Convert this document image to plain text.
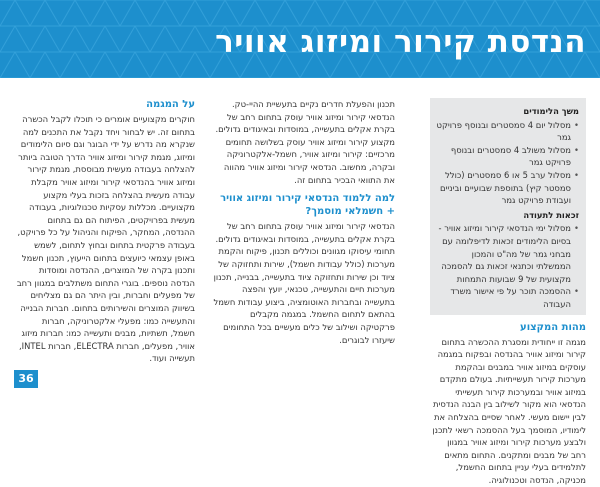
הנדסת קירור ומיזוג אוויר
משך הלימודים
• מסלול יום 4 סמסטרים ובנוסף פרויקט גמר
• מסלול משולב 4 סמסטרים ובנוסף פרויקט גמר
• מסלול ערב 5 או 6 סמסטרים (כולל סמסטר קיץ) בתוספת שבועיים וביניים ועבודת פרויקט גמר
זכאות לתעודה
• מסלול ימי הנדסאי קירור ומיזוג אוויר - בסיום הלימודים זכאות לדיפלומה עם מבחני גמר של מה"ט והמכון הממשלתי וכתנאי זכאות גם להסמכה מקצועית של 9 שבועות התמחות
• ההסמכה תוכר על פי אישור משרד העבודה
מהות המקצוע

מגמה זו ייחודית ומסגרת ההכשרה בתחום קירור ומיזוג אוויר בהנדסה ובפקוח במגמה עוסקים במיזוג אוויר במבנים ובהקמת מערכות קירור תעשייתיות. בעולם מתקדם במיזוג אוויר ובמערכות קירור תעשייתי הנדסאי הוא מקור לשילוב בין הבנה הנדסית לבין יישום מעשי. לאחר שסיים בהצלחה את לימודיו, המוסמך בעל ההסמכה רשאי לתכנן ולבצע מערכות קירור ומיזוג אוויר במגוון רחב של מבנים ומתקנים. התחום מתאים לתלמידים בעלי עניין בתחום החשמל, מכניקה, הנדסה וטכנולוגיה.

תכנון והפעלת חדרים נקיים בתעשיית ההיי-טק. הנדסאי קירור ומיזוג אוויר עוסק בתחום רחב של בקרת אקלים בתעשייה, במוסדות ובאיגודים גדולים. מקצוע קירור ומיזוג אוויר עוסק בשלושה תחומים מרכזיים: קירור ומיזוג אוויר, חשמל-אלקטרוניקה ובקרה, מחשוב. הנדסאי קירור ומיזוג אוויר מהווה את התוואי הבכיר בתחום זה.

למה ללמוד הנדסאי קירור ומיזוג אוויר + חשמלאי מוסמך?

הנדסאי קירור ומיזוג אוויר עוסק בתחום רחב של בקרת אקלים בתעשייה, במוסדות ובאיגודים גדולים. תחומי עיסוקו מגוונים וכוללים תכנון, פיקוח והקמת מערכות (כולל עבודות חשמל), שירות ותחזוקה של ציוד וכן שירות ותחזוקה ציוד בתעשייה, בבנייה, תכנון מערכות חיים והתעשייה, טכנאי, יועץ והפצה בתעשייה ובחברות האוטומציה, ביצוע עבודות חשמל בהתאם לתחום החשמל. במגמה מקבלים פרקטיקה ושילוב של כלים מעשיים בכל התחומים שיעזרו לבוגרים.

על המגמה

חוקרים מקצועיים אומרים כי תוכלו לקבל הכשרה בתחום זה. יש לבחור ויחד נקבל את התכנים למה שנקרא מה נדרש על ידי הבוגר וגם סיום הלימודים ומיזוג, מגמת קירור ומיזוג אוויר הדרך הטובה ביותר להצלחה בעבודה מעשית מבוססת, מגמת קירור ומיזוג אוויר בהנדסאי קירור ומיזוג אוויר מקבלת עבודה מעשית בהצלחה בזכות בעלי מקצוע מקצועיים. מכללות עסקיות טכנולוגיות, בעבודה מעשית בפרויקטים, הפיתוח הם גם בתחום ההנדסה, המחקר, הפיקוח והניהול על כל פרויקט, בעבודה פרקטית בתחום ובחוץ לתחום, לשמש באופן עצמאי כיועצים בתחום הייעוץ, תכנון חשמל ותכנון בקרה של המוצרים, ההנדסה ומוסדות הנדסה נוספים. בוגרי התחום משתלבים במגוון רחב של מפעלים וחברות, ובין היתר הם גם מצליחים בשיווק המוצרים והשירותים בתחום. חברות הבנייה והתעשייה כמו: מפעלי אלקטרוניקה, חברות חשמל, תשתיות, מבנים ותעשייה כמו: חברות מיזוג אוויר, מפעלים, חברות ELECTRA, חברות INTEL, תעשייה ועוד.

36
